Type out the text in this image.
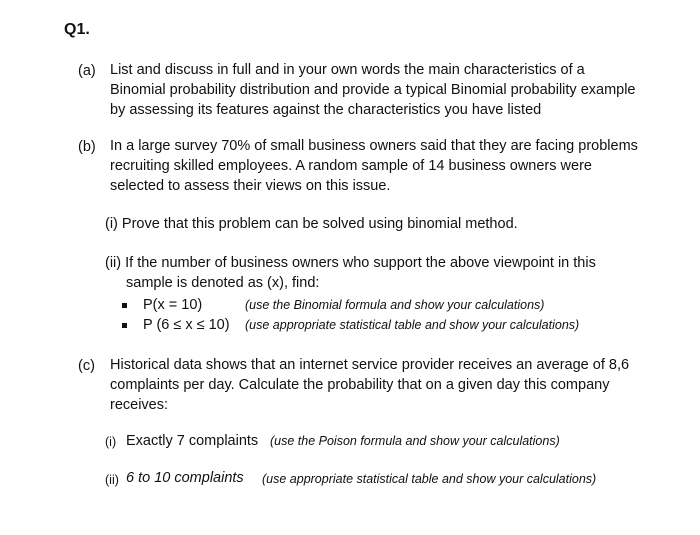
Q1.
(a) List and discuss in full and in your own words the main characteristics of a
Binomial probability distribution and provide a typical Binomial probability example
by assessing its features against the characteristics you have listed
(b) In a large survey 70% of small business owners said that they are facing problems
recruiting skilled employees. A random sample of 14 business owners were
selected to assess their views on this issue.
(i) Prove that this problem can be solved using binomial method.
(ii) If the number of business owners who support the above viewpoint in this
sample is denoted as (x), find:
P(x = 10)	(use the Binomial formula and show your calculations)
P (6 ≤ x ≤ 10) (use appropriate statistical table and show your calculations)
(c) Historical data shows that an internet service provider receives an average of 8,6
complaints per day. Calculate the probability that on a given day this company
receives:
(i) Exactly 7 complaints (use the Poison formula and show your calculations)
(ii) 6 to 10 complaints (use appropriate statistical table and show your calculations)
